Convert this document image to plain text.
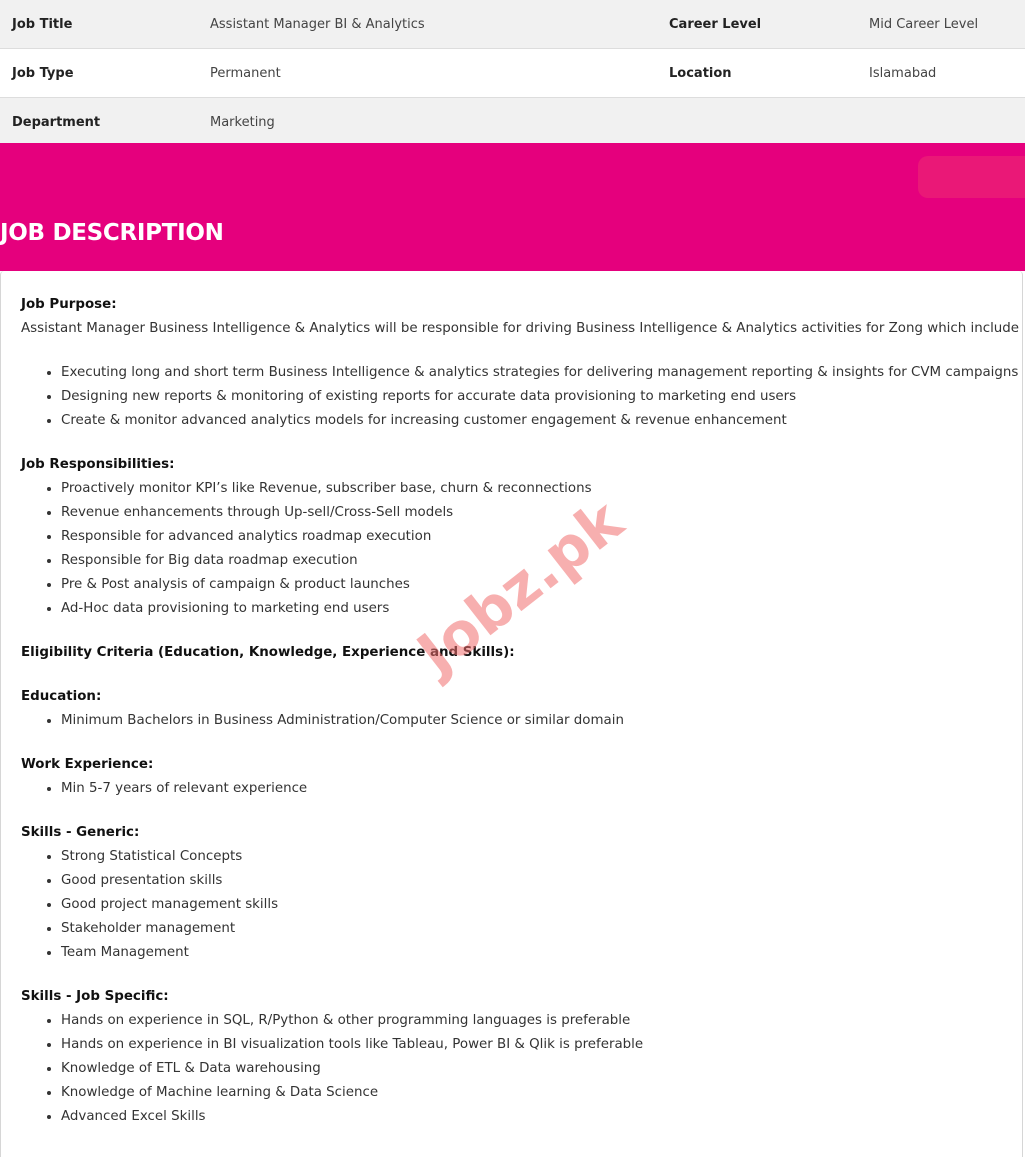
Job Title	Assistant Manager BI & Analytics	Career Level	Mid Career Level
Job Type	Permanent	Location	Islamabad
Department	Marketing		
JOB DESCRIPTION
Job Purpose:
Assistant Manager Business Intelligence & Analytics will be responsible for driving Business Intelligence & Analytics activities for Zong which include
• Executing long and short term Business Intelligence & analytics strategies for delivering management reporting & insights for CVM campaigns
• Designing new reports & monitoring of existing reports for accurate data provisioning to marketing end users
• Create & monitor advanced analytics models for increasing customer engagement & revenue enhancement
Job Responsibilities:
• Proactively monitor KPI’s like Revenue, subscriber base, churn & reconnections
• Revenue enhancements through Up-sell/Cross-Sell models
• Responsible for advanced analytics roadmap execution
• Responsible for Big data roadmap execution
• Pre & Post analysis of campaign & product launches
• Ad-Hoc data provisioning to marketing end users
Eligibility Criteria (Education, Knowledge, Experience and Skills):
Education:
• Minimum Bachelors in Business Administration/Computer Science or similar domain
Work Experience:
• Min 5-7 years of relevant experience
Skills - Generic:
• Strong Statistical Concepts
• Good presentation skills
• Good project management skills
• Stakeholder management
• Team Management
Skills - Job Specific:
• Hands on experience in SQL, R/Python & other programming languages is preferable
• Hands on experience in BI visualization tools like Tableau, Power BI & Qlik is preferable
• Knowledge of ETL & Data warehousing
• Knowledge of Machine learning & Data Science
• Advanced Excel Skills
Jobz.pk
